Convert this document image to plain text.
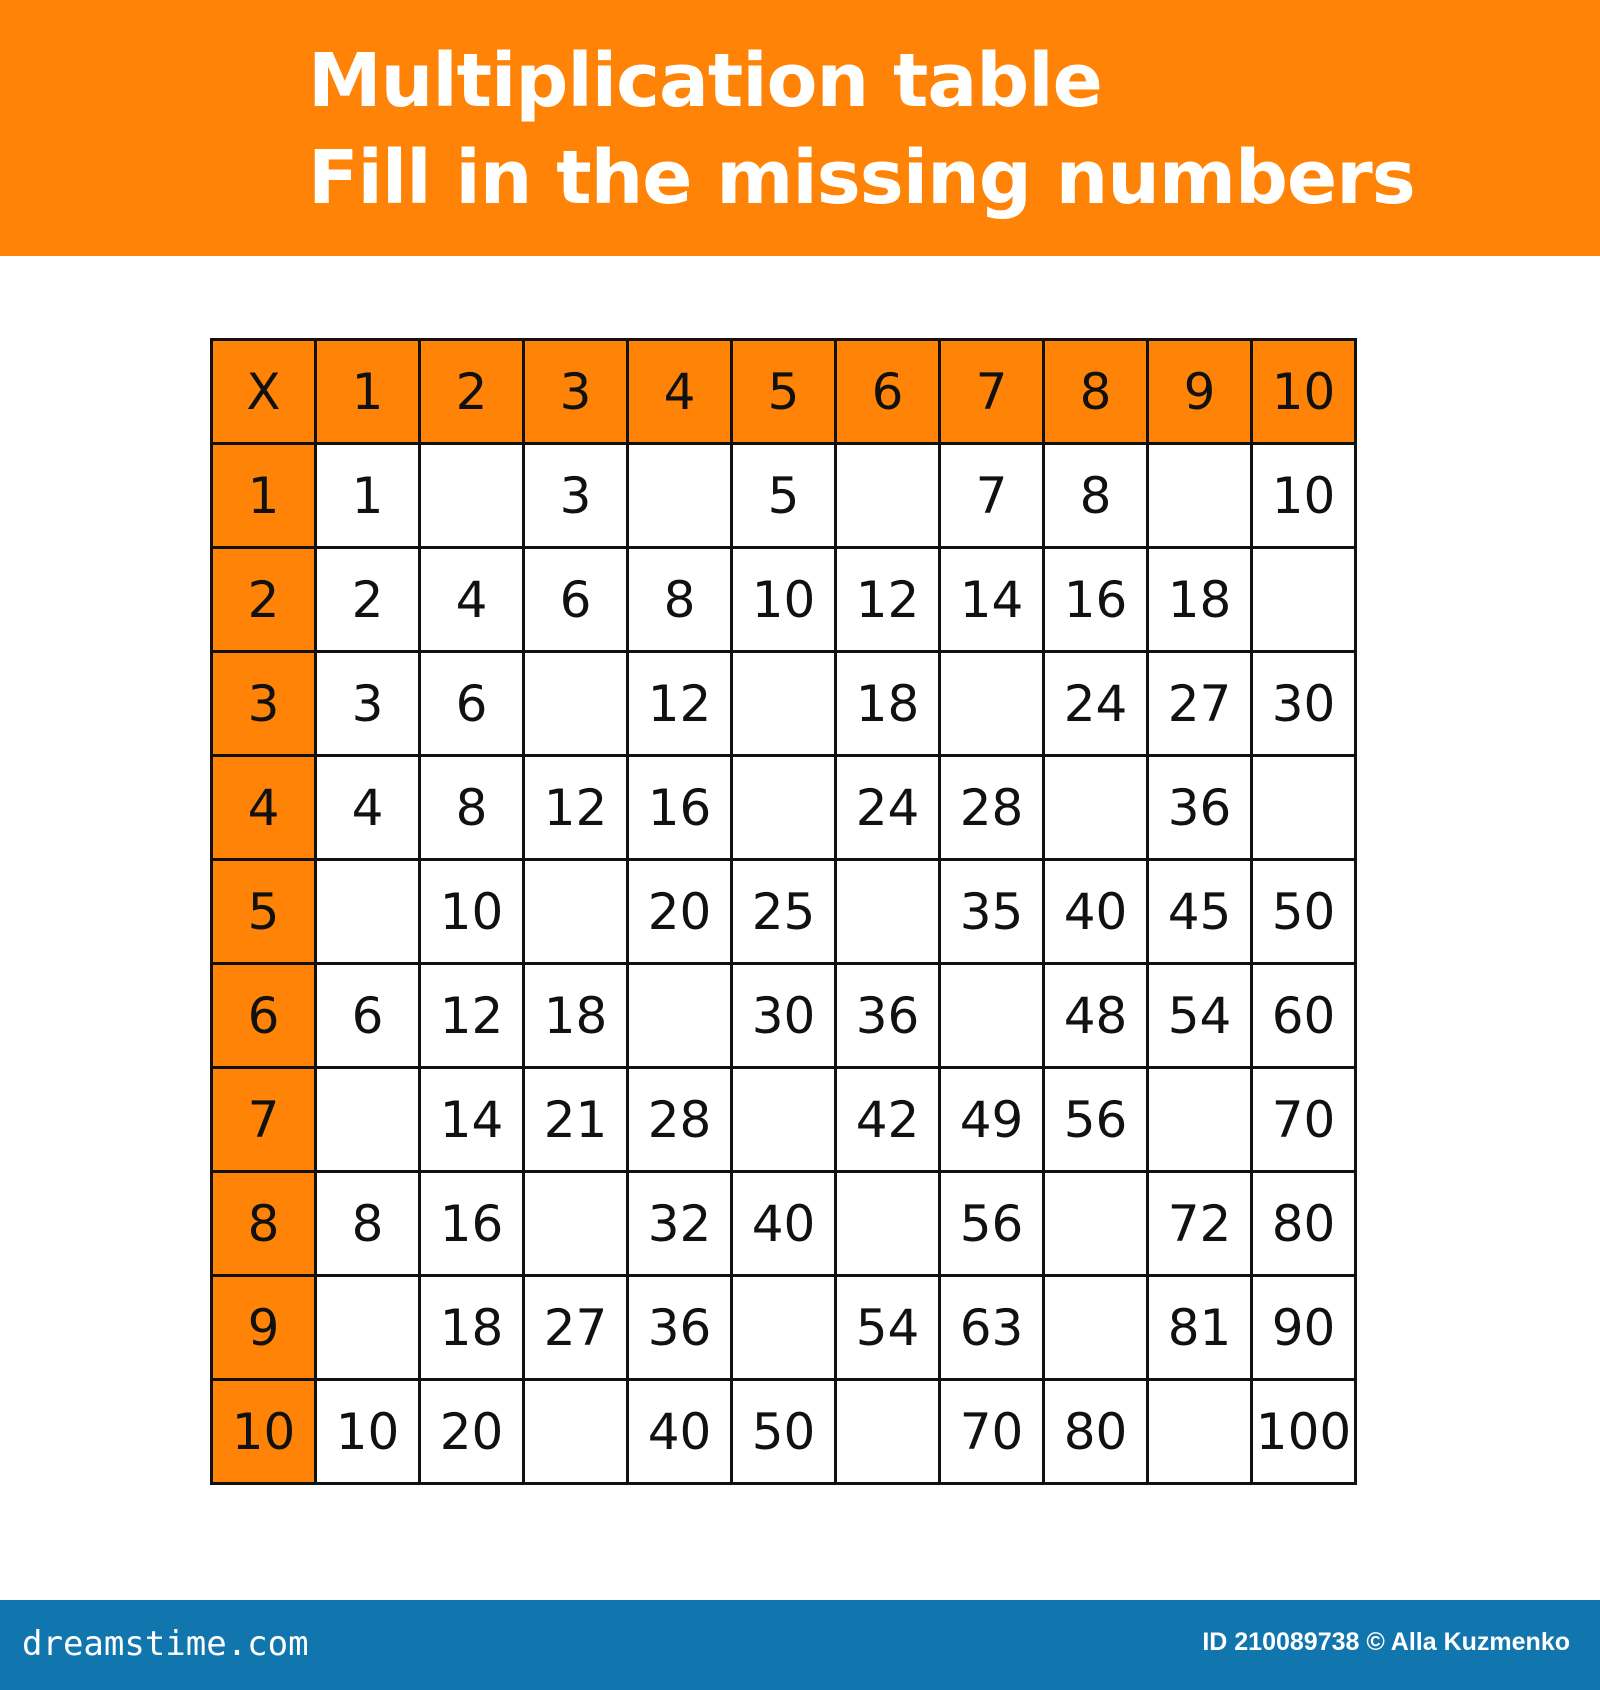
Multiplication table
Fill in the missing numbers
X	1	2	3	4	5	6	7	8	9	10
1	1		3		5		7	8		10
2	2	4	6	8	10	12	14	16	18	
3	3	6		12		18		24	27	30
4	4	8	12	16		24	28		36	
5		10		20	25		35	40	45	50
6	6	12	18		30	36		48	54	60
7		14	21	28		42	49	56		70
8	8	16		32	40		56		72	80
9		18	27	36		54	63		81	90
10	10	20		40	50		70	80		100
dreamstime.com	ID 210089738 © Alla Kuzmenko
